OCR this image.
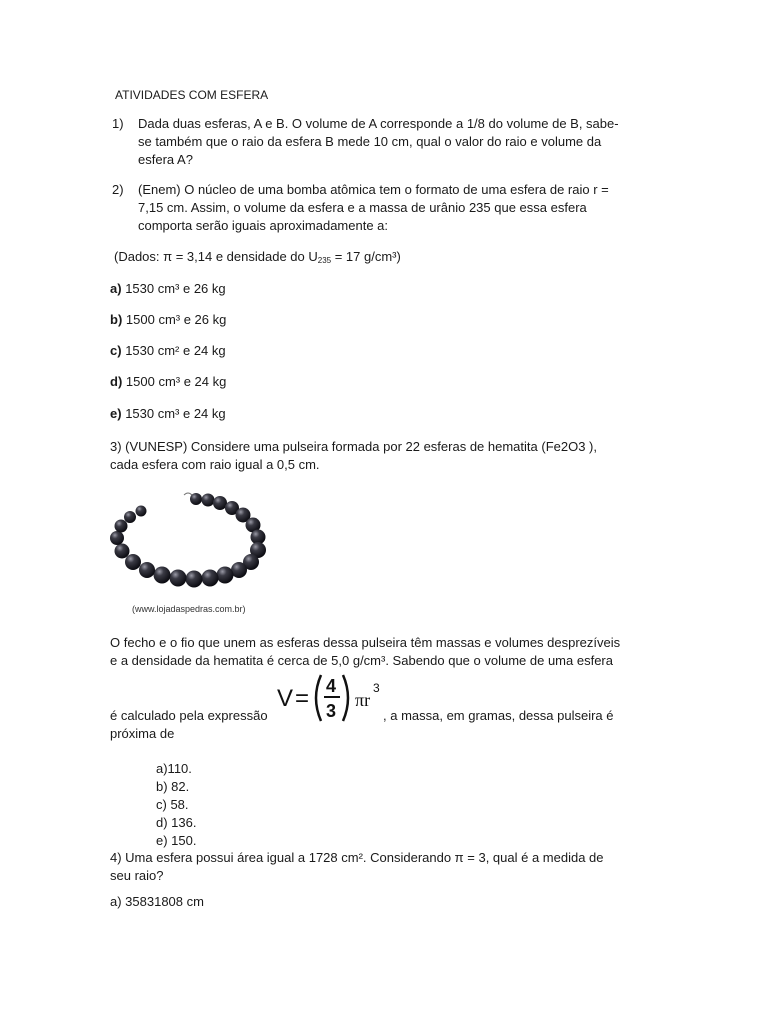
ATIVIDADES COM ESFERA
1) Dada duas esferas, A e B. O volume de A corresponde a 1/8 do volume de B, sabe-
se também que o raio da esfera B mede 10 cm, qual o valor do raio e volume da
esfera A?
2) (Enem) O núcleo de uma bomba atômica tem o formato de uma esfera de raio r =
7,15 cm. Assim, o volume da esfera e a massa de urânio 235 que essa esfera
comporta serão iguais aproximadamente a:
(Dados: π = 3,14 e densidade do $U_{235} = 17$ g/cm³)
a) 1530 cm³ e 26 kg
b) 1500 cm³ e 26 kg
c) 1530 cm² e 24 kg
d) 1500 cm³ e 24 kg
e) 1530 cm³ e 24 kg
3) (VUNESP) Considere uma pulseira formada por 22 esferas de hematita (Fe2O3 ),
cada esfera com raio igual a 0,5 cm.
(www.lojadaspedras.com.br)
O fecho e o fio que unem as esferas dessa pulseira têm massas e volumes desprezíveis
e a densidade da hematita é cerca de 5,0 g/cm³. Sabendo que o volume de uma esfera
V = 4
3
πr
3
é calculado pela expressão	, a massa, em gramas, dessa pulseira é
próxima de
a)110.
b) 82.
c) 58.
d) 136.
e) 150.
4) Uma esfera possui área igual a 1728 cm². Considerando π = 3, qual é a medida de
seu raio?
a) 35831808 cm
